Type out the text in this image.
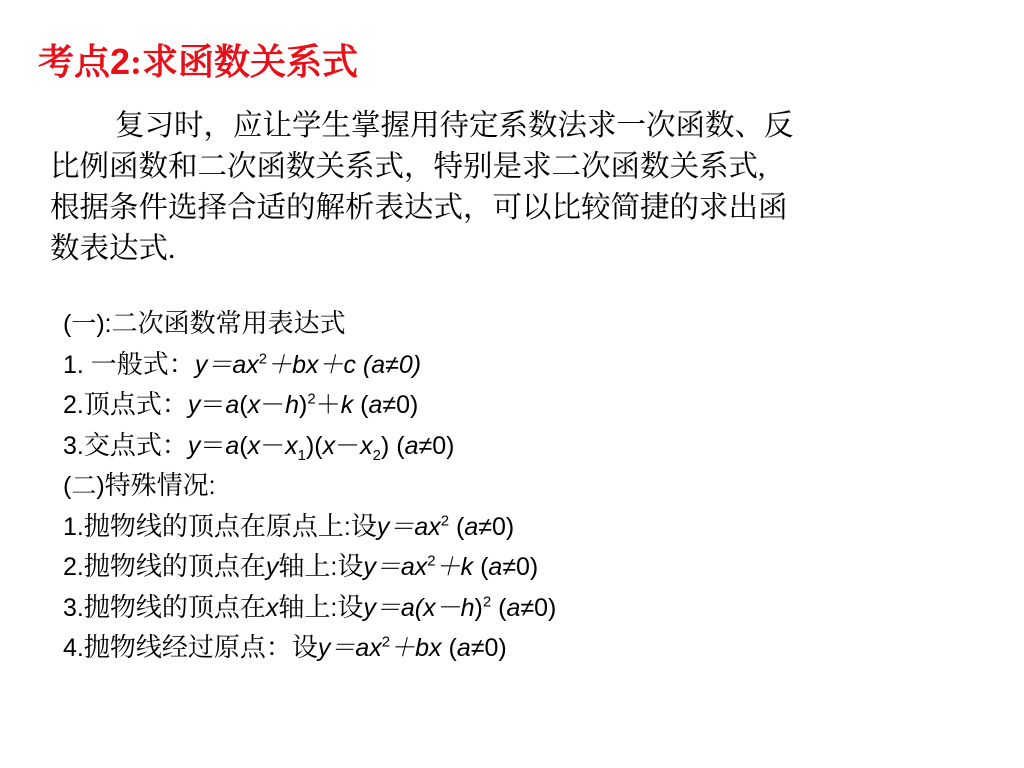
考点2:求函数关系式

复习时，应让学生掌握用待定系数法求一次函数、反
比例函数和二次函数关系式，特别是求二次函数关系式,
根据条件选择合适的解析表达式，可以比较简捷的求出函
数表达式.

(一):二次函数常用表达式
1. 一般式：$y=ax^2+bx+c$ (a≠0)
2.顶点式：$y=a(x-h)^2+k$ (a≠0)
3.交点式：$y=a(x-x_1)(x-x_2)$ (a≠0)
(二)特殊情况:
1.抛物线的顶点在原点上:设$y=ax^2$ (a≠0)
2.抛物线的顶点在y轴上:设$y=ax^2+k$ (a≠0)
3.抛物线的顶点在x轴上:设$y=a(x-h)^2$ (a≠0)
4.抛物线经过原点：设$y=ax^2+bx$ (a≠0)
